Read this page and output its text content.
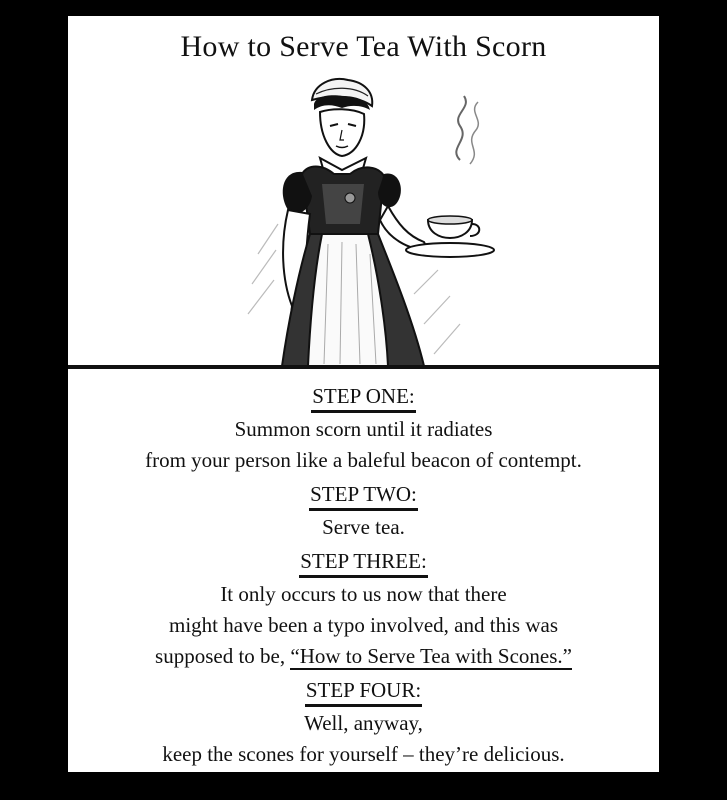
How to Serve Tea With Scorn
STEP ONE:
Summon scorn until it radiates
from your person like a baleful beacon of contempt.
STEP TWO:
Serve tea.
STEP THREE:
It only occurs to us now that there
might have been a typo involved, and this was
supposed to be, “How to Serve Tea with Scones.”
STEP FOUR:
Well, anyway,
keep the scones for yourself – they’re delicious.
